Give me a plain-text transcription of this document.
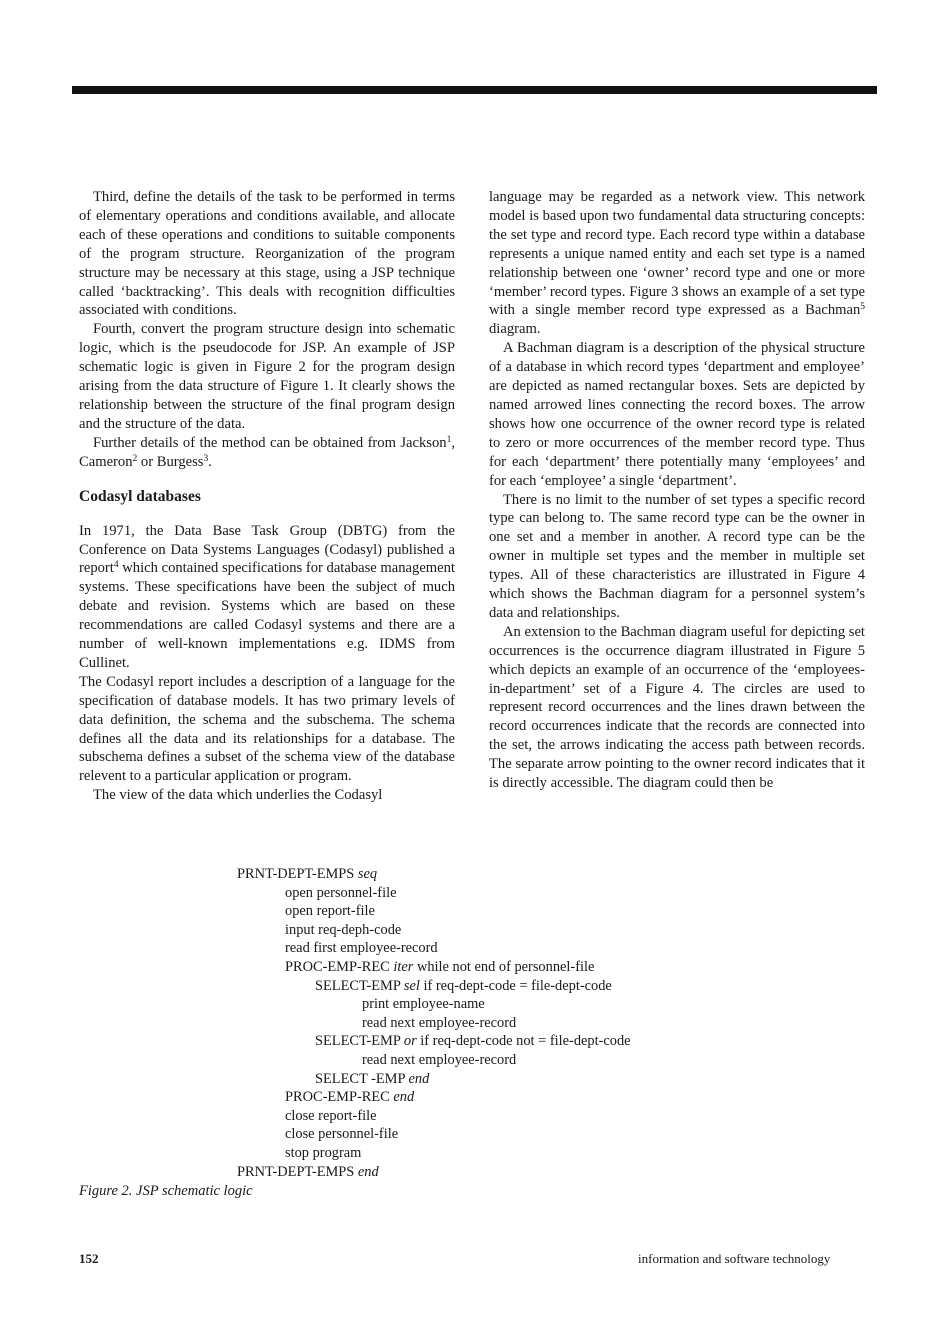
Third, define the details of the task to be performed in terms of elementary operations and conditions available, and allocate each of these operations and conditions to suitable components of the program structure. Reorganization of the program structure may be necessary at this stage, using a JSP technique called ‘backtracking’. This deals with recognition difficulties associated with conditions.

Fourth, convert the program structure design into schematic logic, which is the pseudocode for JSP. An example of JSP schematic logic is given in Figure 2 for the program design arising from the data structure of Figure 1. It clearly shows the relationship between the structure of the final program design and the structure of the data.

Further details of the method can be obtained from Jackson$^1$, Cameron$^2$ or Burgess$^3$.

Codasyl databases

In 1971, the Data Base Task Group (DBTG) from the Conference on Data Systems Languages (Codasyl) published a report$^4$ which contained specifications for database management systems. These specifications have been the subject of much debate and revision. Systems which are based on these recommendations are called Codasyl systems and there are a number of well-known implementations e.g. IDMS from Cullinet.

The Codasyl report includes a description of a language for the specification of database models. It has two primary levels of data definition, the schema and the subschema. The schema defines all the data and its relationships for a database. The subschema defines a subset of the schema view of the database relevent to a particular application or program.

The view of the data which underlies the Codasyl

language may be regarded as a network view. This network model is based upon two fundamental data structuring concepts: the set type and record type. Each record type within a database represents a unique named entity and each set type is a named relationship between one ‘owner’ record type and one or more ‘member’ record types. Figure 3 shows an example of a set type with a single member record type expressed as a Bachman$^5$ diagram.

A Bachman diagram is a description of the physical structure of a database in which record types ‘department and employee’ are depicted as named rectangular boxes. Sets are depicted by named arrowed lines connecting the record boxes. The arrow shows how one occurrence of the owner record type is related to zero or more occurrences of the member record type. Thus for each ‘department’ there potentially many ‘employees’ and for each ‘employee’ a single ‘department’.

There is no limit to the number of set types a specific record type can belong to. The same record type can be the owner in one set and a member in another. A record type can be the owner in multiple set types and the member in multiple set types. All of these characteristics are illustrated in Figure 4 which shows the Bachman diagram for a personnel system’s data and relationships.

An extension to the Bachman diagram useful for depicting set occurrences is the occurrence diagram illustrated in Figure 5 which depicts an example of an occurrence of the ‘employees-in-department’ set of a Figure 4. The circles are used to represent record occurrences and the lines drawn between the record occurrences indicate that the records are connected into the set, the arrows indicating the access path between records. The separate arrow pointing to the owner record indicates that it is directly accessible. The diagram could then be

PRNT-DEPT-EMPS seq
open personnel-file
open report-file
input req-deph-code
read first employee-record
PROC-EMP-REC iter while not end of personnel-file
SELECT-EMP sel if req-dept-code = file-dept-code
print employee-name
read next employee-record
SELECT-EMP or if req-dept-code not = file-dept-code
read next employee-record
SELECT -EMP end
PROC-EMP-REC end
close report-file
close personnel-file
stop program
PRNT-DEPT-EMPS end
Figure 2. JSP schematic logic
152	information and software technology
